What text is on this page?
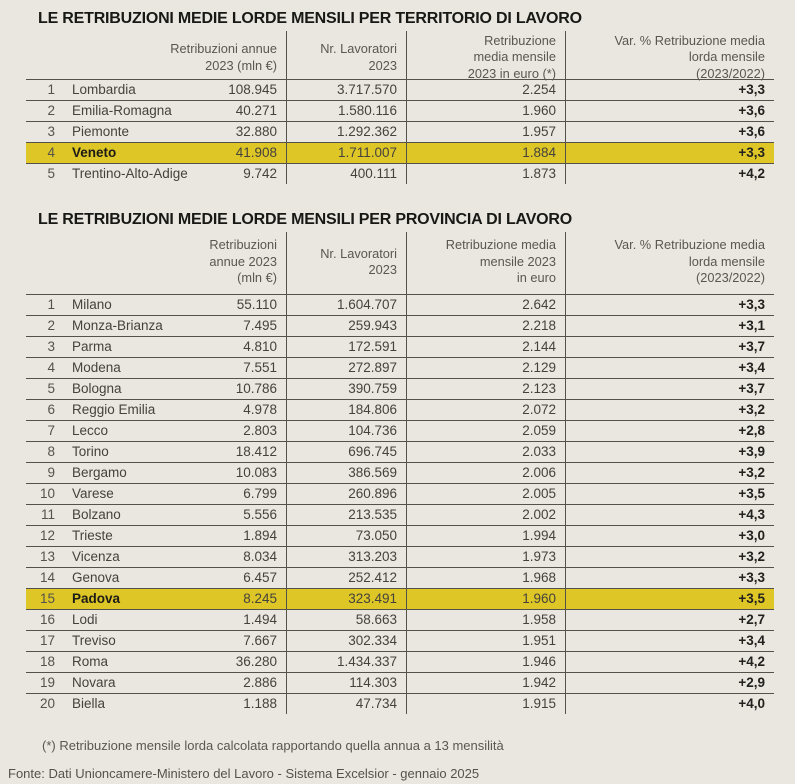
LE RETRIBUZIONI MEDIE LORDE MENSILI PER TERRITORIO DI LAVORO
Retribuzioni annue
2023 (mln €)
Nr. Lavoratori
2023
Retribuzione
media mensile
2023 in euro (*)
Var. % Retribuzione media
lorda mensile
(2023/2022)
1	Lombardia	108.945	3.717.570	2.254	+3,3
2	Emilia-Romagna	40.271	1.580.116	1.960	+3,6
3	Piemonte	32.880	1.292.362	1.957	+3,6
4	Veneto	41.908	1.711.007	1.884	+3,3
5	Trentino-Alto-Adige	9.742	400.111	1.873	+4,2
LE RETRIBUZIONI MEDIE LORDE MENSILI PER PROVINCIA DI LAVORO
Retribuzioni
annue 2023
(mln €)
Nr. Lavoratori
2023
Retribuzione media
mensile 2023
in euro
Var. % Retribuzione media
lorda mensile
(2023/2022)
1	Milano	55.110	1.604.707	2.642	+3,3
2	Monza-Brianza	7.495	259.943	2.218	+3,1
3	Parma	4.810	172.591	2.144	+3,7
4	Modena	7.551	272.897	2.129	+3,4
5	Bologna	10.786	390.759	2.123	+3,7
6	Reggio Emilia	4.978	184.806	2.072	+3,2
7	Lecco	2.803	104.736	2.059	+2,8
8	Torino	18.412	696.745	2.033	+3,9
9	Bergamo	10.083	386.569	2.006	+3,2
10	Varese	6.799	260.896	2.005	+3,5
11	Bolzano	5.556	213.535	2.002	+4,3
12	Trieste	1.894	73.050	1.994	+3,0
13	Vicenza	8.034	313.203	1.973	+3,2
14	Genova	6.457	252.412	1.968	+3,3
15	Padova	8.245	323.491	1.960	+3,5
16	Lodi	1.494	58.663	1.958	+2,7
17	Treviso	7.667	302.334	1.951	+3,4
18	Roma	36.280	1.434.337	1.946	+4,2
19	Novara	2.886	114.303	1.942	+2,9
20	Biella	1.188	47.734	1.915	+4,0
(*) Retribuzione mensile lorda calcolata rapportando quella annua a 13 mensilità
Fonte: Dati Unioncamere-Ministero del Lavoro - Sistema Excelsior - gennaio 2025
